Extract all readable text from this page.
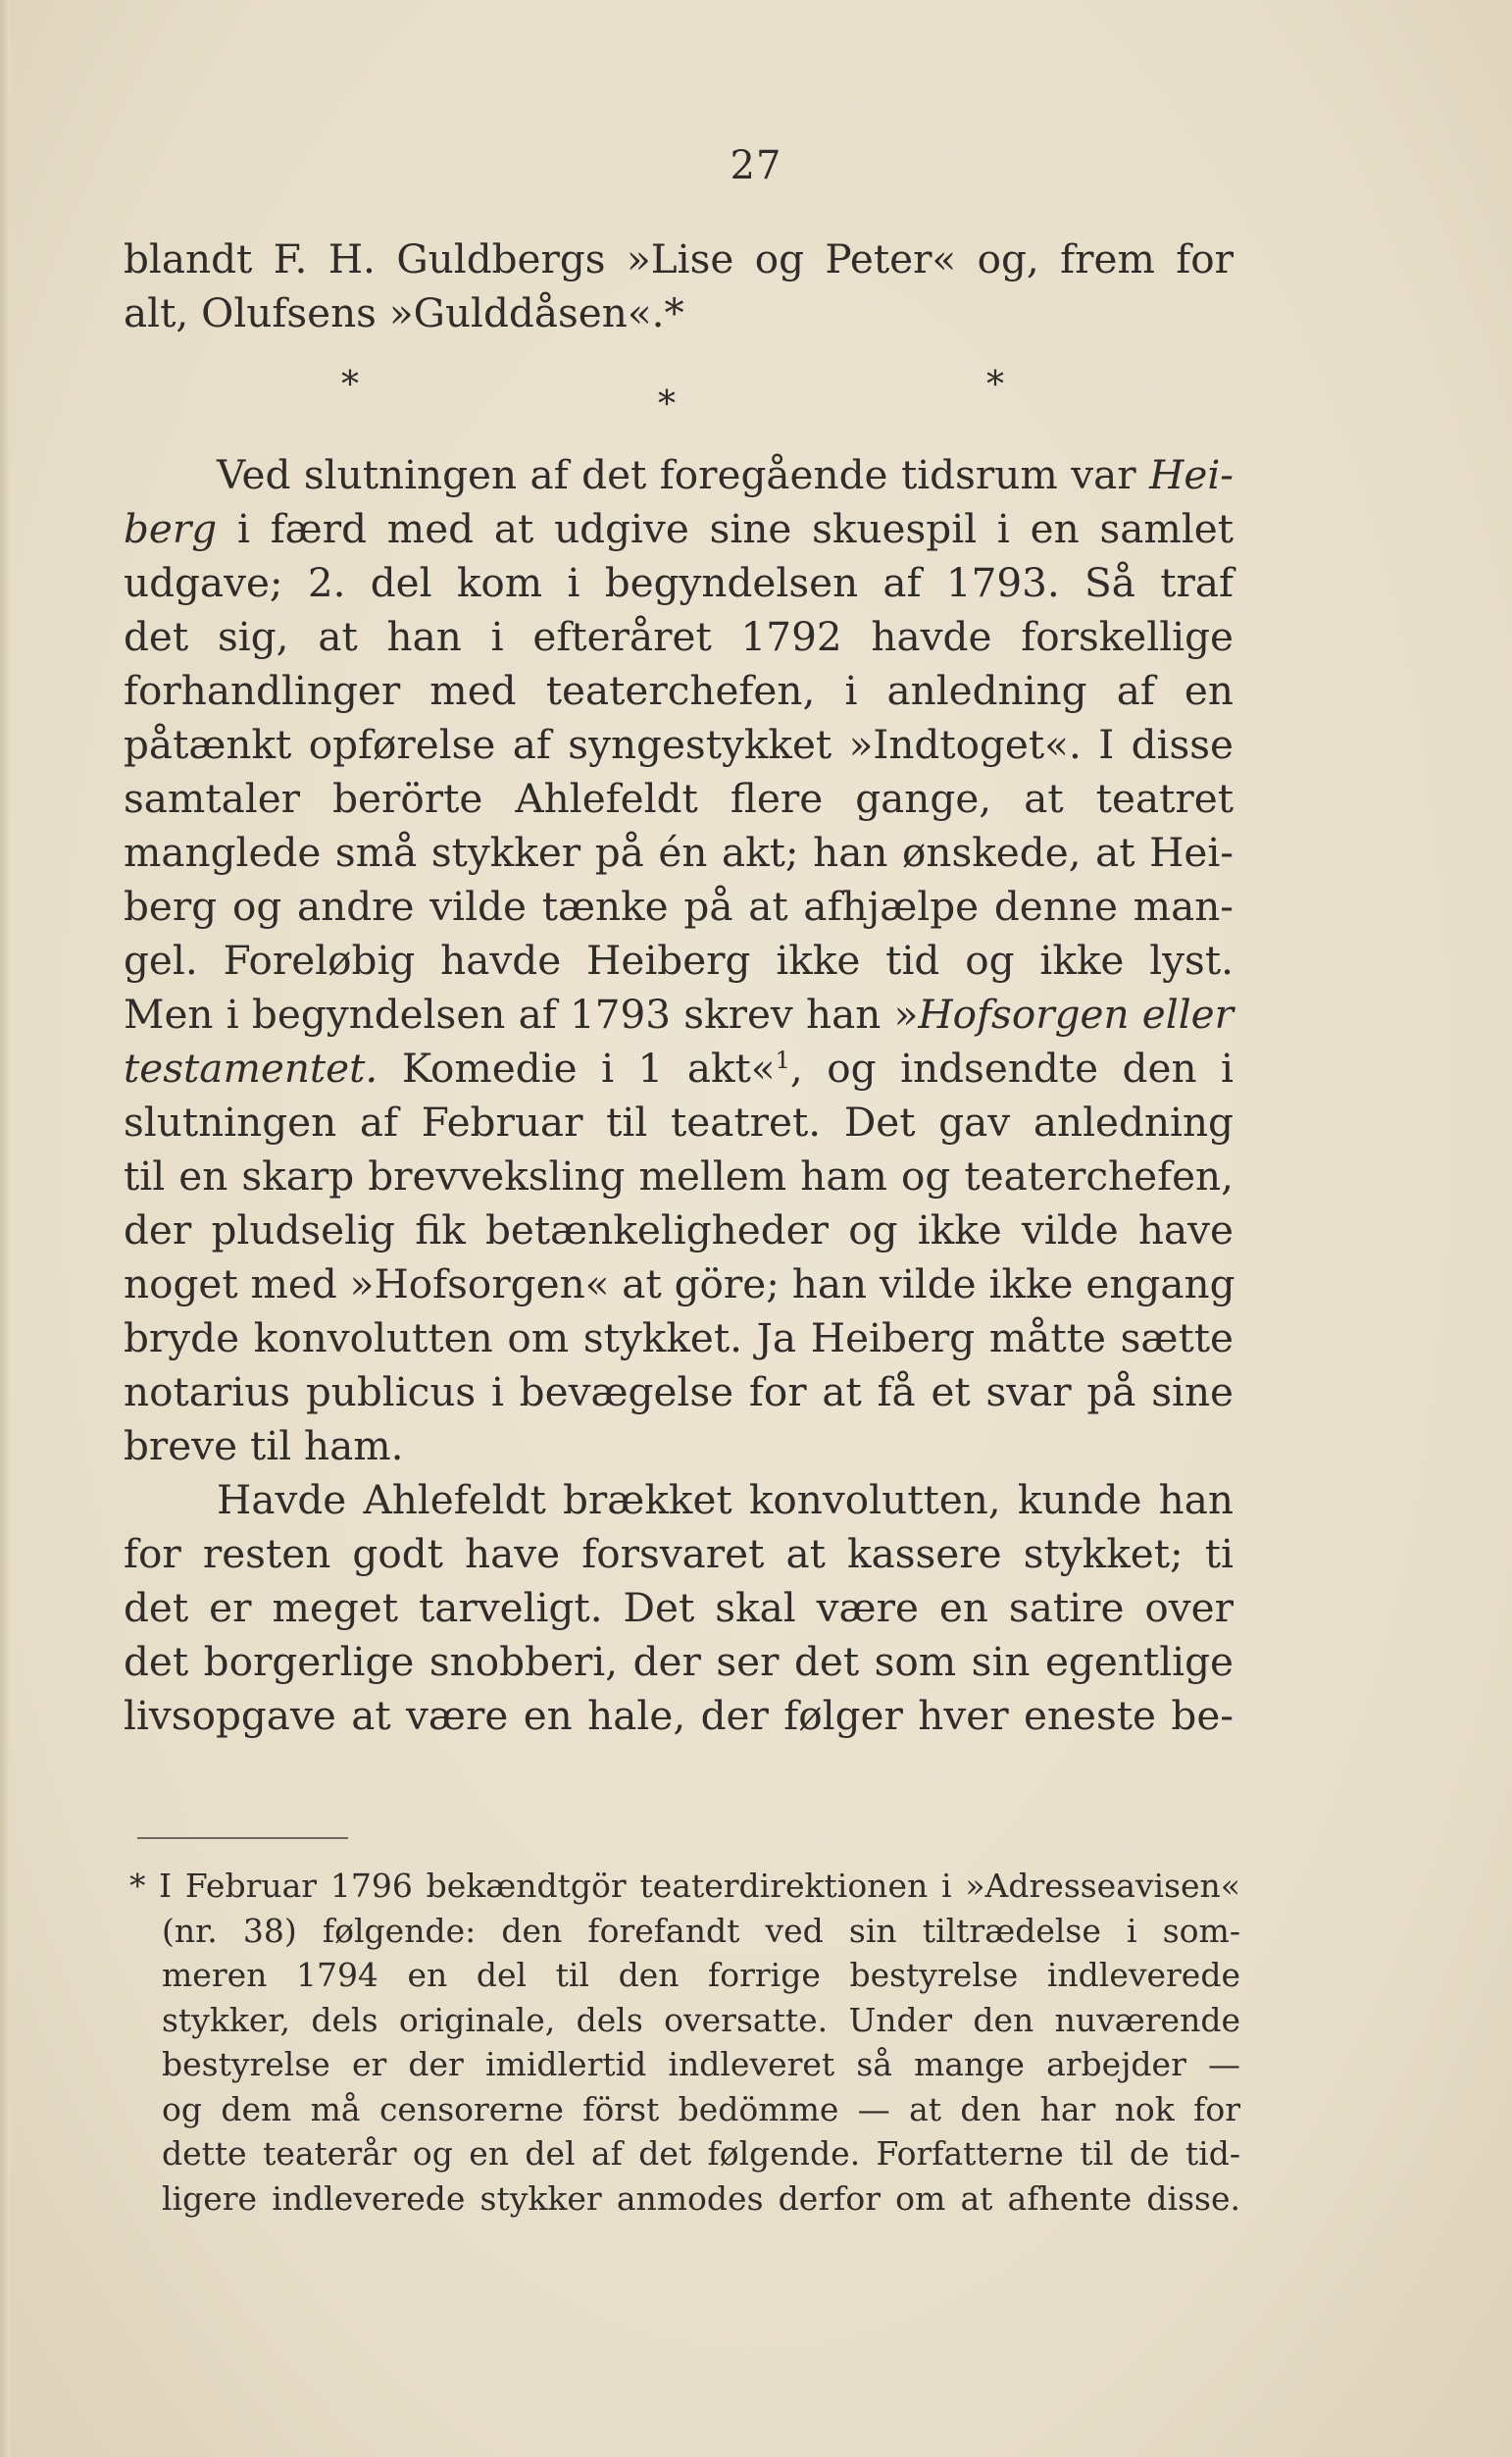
27
blandt F. H. Guldbergs »Lise og Peter« og, frem for
alt, Olufsens »Gulddåsen«.*
*	*	*
Ved slutningen af det foregående tidsrum var Hei-
berg i færd med at udgive sine skuespil i en samlet
udgave; 2. del kom i begyndelsen af 1793. Så traf
det sig, at han i efteråret 1792 havde forskellige
forhandlinger med teaterchefen, i anledning af en
påtænkt opførelse af syngestykket »Indtoget«. I disse
samtaler berörte Ahlefeldt flere gange, at teatret
manglede små stykker på én akt; han ønskede, at Hei-
berg og andre vilde tænke på at afhjælpe denne man-
gel. Foreløbig havde Heiberg ikke tid og ikke lyst.
Men i begyndelsen af 1793 skrev han »Hofsorgen eller
testamentet. Komedie i 1 akt«$^1$, og indsendte den i
slutningen af Februar til teatret. Det gav anledning
til en skarp brevveksling mellem ham og teaterchefen,
der pludselig fik betænkeligheder og ikke vilde have
noget med »Hofsorgen« at göre; han vilde ikke engang
bryde konvolutten om stykket. Ja Heiberg måtte sætte
notarius publicus i bevægelse for at få et svar på sine
breve til ham.
Havde Ahlefeldt brækket konvolutten, kunde han
for resten godt have forsvaret at kassere stykket; ti
det er meget tarveligt. Det skal være en satire over
det borgerlige snobberi, der ser det som sin egentlige
livsopgave at være en hale, der følger hver eneste be-
* I Februar 1796 bekændtgör teaterdirektionen i »Adresseavisen«
(nr. 38) følgende: den forefandt ved sin tiltrædelse i som-
meren 1794 en del til den forrige bestyrelse indleverede
stykker, dels originale, dels oversatte. Under den nuværende
bestyrelse er der imidlertid indleveret så mange arbejder —
og dem må censorerne först bedömme — at den har nok for
dette teaterår og en del af det følgende. Forfatterne til de tid-
ligere indleverede stykker anmodes derfor om at afhente disse.
